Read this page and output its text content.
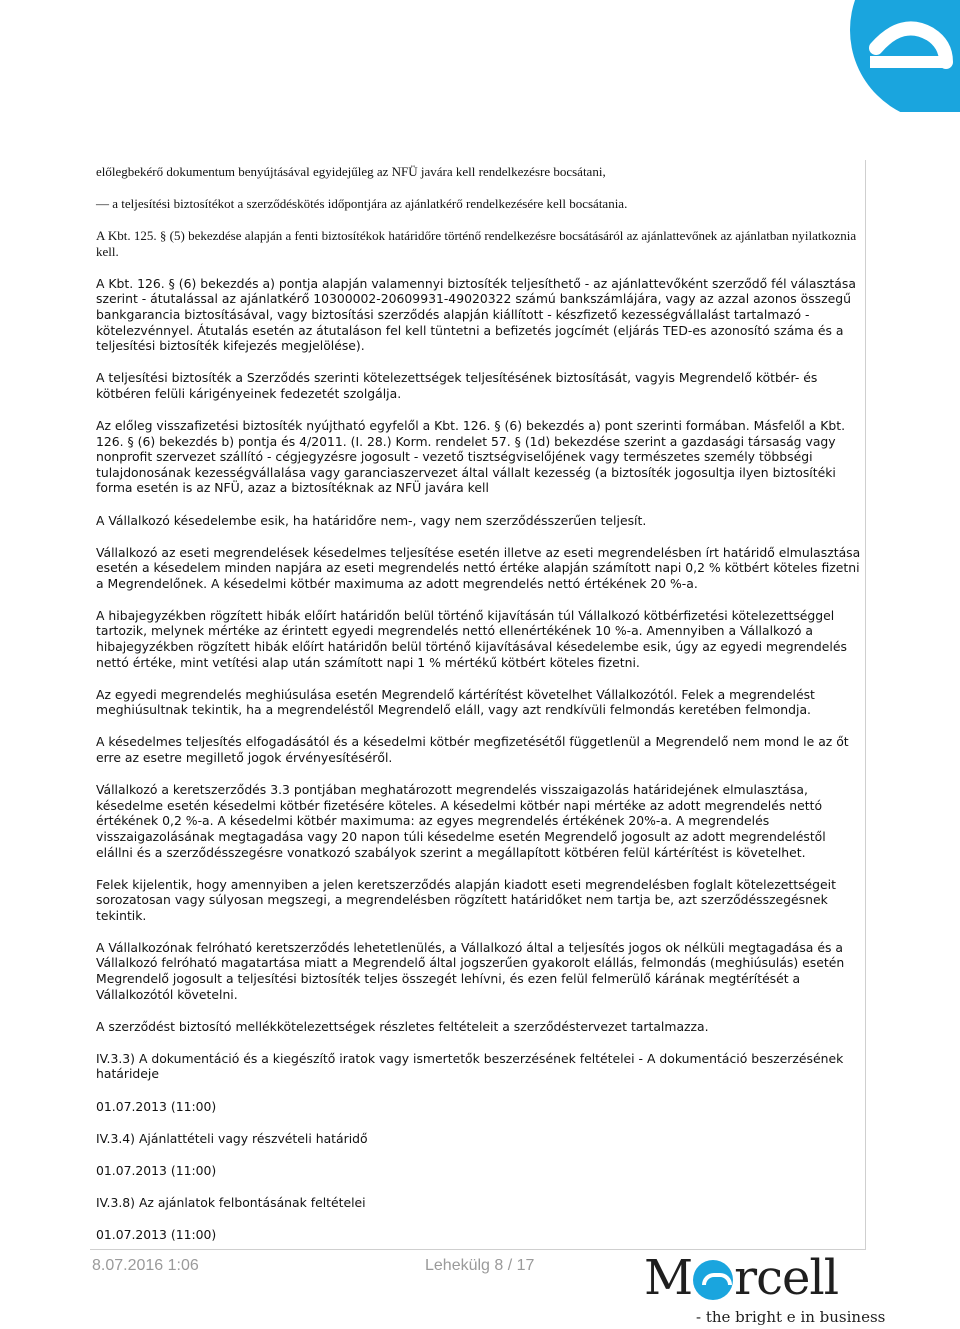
előlegbekérő dokumentum benyújtásával egyidejűleg az NFÜ javára kell rendelkezésre bocsátani,

— a teljesítési biztosítékot a szerződéskötés időpontjára az ajánlatkérő rendelkezésére kell bocsátania.

A Kbt. 125. § (5) bekezdése alapján a fenti biztosítékok határidőre történő rendelkezésre bocsátásáról az ajánlattevőnek az ajánlatban nyilatkoznia kell.

A Kbt. 126. § (6) bekezdés a) pontja alapján valamennyi biztosíték teljesíthető - az ajánlattevőként szerződő fél választása szerint - átutalással az ajánlatkérő 10300002-20609931-49020322 számú bankszámlájára, vagy az azzal azonos összegű bankgarancia biztosításával, vagy biztosítási szerződés alapján kiállított - készfizető kezességvállalást tartalmazó - kötelezvénnyel. Átutalás esetén az átutaláson fel kell tüntetni a befizetés jogcímét (eljárás TED-es azonosító száma és a teljesítési biztosíték kifejezés megjelölése).

A teljesítési biztosíték a Szerződés szerinti kötelezettségek teljesítésének biztosítását, vagyis Megrendelő kötbér- és kötbéren felüli kárigényeinek fedezetét szolgálja.

Az előleg visszafizetési biztosíték nyújtható egyfelől a Kbt. 126. § (6) bekezdés a) pont szerinti formában. Másfelől a Kbt. 126. § (6) bekezdés b) pontja és 4/2011. (I. 28.) Korm. rendelet 57. § (1d) bekezdése szerint a gazdasági társaság vagy nonprofit szervezet szállító - cégjegyzésre jogosult - vezető tisztségviselőjének vagy természetes személy többségi tulajdonosának kezességvállalása vagy garanciaszervezet által vállalt kezesség (a biztosíték jogosultja ilyen biztosítéki forma esetén is az NFÜ, azaz a biztosítéknak az NFÜ javára kell

A Vállalkozó késedelembe esik, ha határidőre nem-, vagy nem szerződésszerűen teljesít.

Vállalkozó az eseti megrendelések késedelmes teljesítése esetén illetve az eseti megrendelésben írt határidő elmulasztása esetén a késedelem minden napjára az eseti megrendelés nettó értéke alapján számított napi 0,2 % kötbért köteles fizetni a Megrendelőnek. A késedelmi kötbér maximuma az adott megrendelés nettó értékének 20 %-a.

A hibajegyzékben rögzített hibák előírt határidőn belül történő kijavításán túl Vállalkozó kötbérfizetési kötelezettséggel tartozik, melynek mértéke az érintett egyedi megrendelés nettó ellenértékének 10 %-a. Amennyiben a Vállalkozó a hibajegyzékben rögzített hibák előírt határidőn belül történő kijavításával késedelembe esik, úgy az egyedi megrendelés nettó értéke, mint vetítési alap után számított napi 1 % mértékű kötbért köteles fizetni.

Az egyedi megrendelés meghiúsulása esetén Megrendelő kártérítést követelhet Vállalkozótól. Felek a megrendelést meghiúsultnak tekintik, ha a megrendeléstől Megrendelő eláll, vagy azt rendkívüli felmondás keretében felmondja.

A késedelmes teljesítés elfogadásától és a késedelmi kötbér megfizetésétől függetlenül a Megrendelő nem mond le az őt erre az esetre megillető jogok érvényesítéséről.

Vállalkozó a keretszerződés 3.3 pontjában meghatározott megrendelés visszaigazolás határidejének elmulasztása, késedelme esetén késedelmi kötbér fizetésére köteles. A késedelmi kötbér napi mértéke az adott megrendelés nettó értékének 0,2 %-a. A késedelmi kötbér maximuma: az egyes megrendelés értékének 20%-a. A megrendelés visszaigazolásának megtagadása vagy 20 napon túli késedelme esetén Megrendelő jogosult az adott megrendeléstől elállni és a szerződésszegésre vonatkozó szabályok szerint a megállapított kötbéren felül kártérítést is követelhet.

Felek kijelentik, hogy amennyiben a jelen keretszerződés alapján kiadott eseti megrendelésben foglalt kötelezettségeit sorozatosan vagy súlyosan megszegi, a megrendelésben rögzített határidőket nem tartja be, azt szerződésszegésnek tekintik.

A Vállalkozónak felróható keretszerződés lehetetlenülés, a Vállalkozó által a teljesítés jogos ok nélküli megtagadása és a Vállalkozó felróható magatartása miatt a Megrendelő által jogszerűen gyakorolt elállás, felmondás (meghiúsulás) esetén Megrendelő jogosult a teljesítési biztosíték teljes összegét lehívni, és ezen felül felmerülő kárának megtérítését a Vállalkozótól követelni.

A szerződést biztosító mellékkötelezettségek részletes feltételeit a szerződéstervezet tartalmazza.

IV.3.3) A dokumentáció és a kiegészítő iratok vagy ismertetők beszerzésének feltételei - A dokumentáció beszerzésének határideje

01.07.2013 (11:00)

IV.3.4) Ajánlattételi vagy részvételi határidő

01.07.2013 (11:00)

IV.3.8) Az ajánlatok felbontásának feltételei

01.07.2013 (11:00)

8.07.2016 1:06	Lehekülg 8 / 17 M rcell
- the bright e in business
